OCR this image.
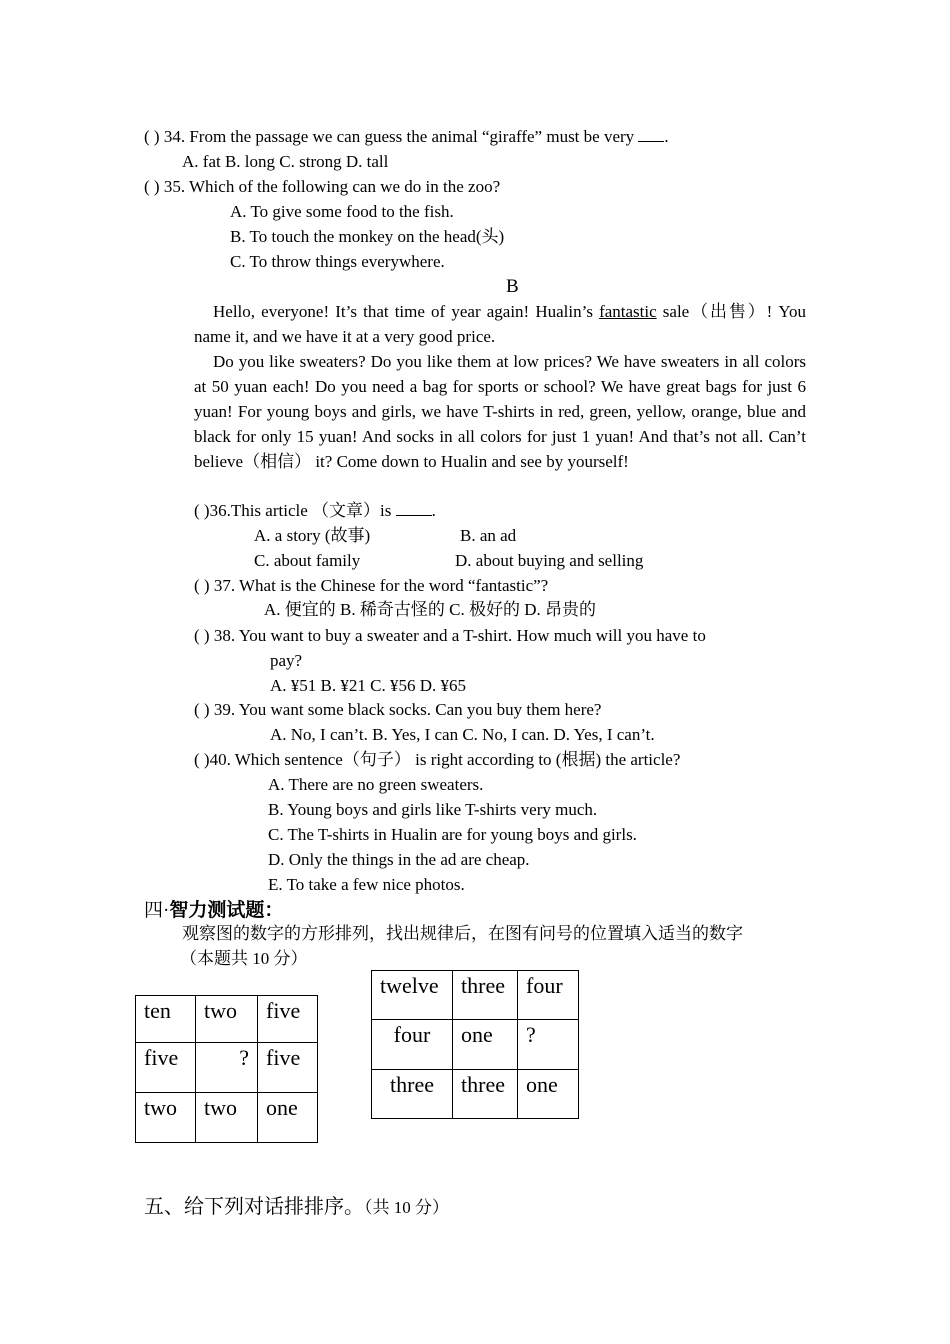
( ) 34. From the passage we can guess the animal “giraffe” must be very .
A. fat B. long C. strong D. tall
( ) 35. Which of the following can we do in the zoo?
A. To give some food to the fish.
B. To touch the monkey on the head(头)
C. To throw things everywhere.
B

Hello, everyone! It’s that time of year again! Hualin’s fantastic sale（出售）! You name it, and we have it at a very good price.

Do you like sweaters? Do you like them at low prices? We have sweaters in all colors at 50 yuan each! Do you need a bag for sports or school? We have great bags for just 6 yuan! For young boys and girls, we have T-shirts in red, green, yellow, orange, blue and black for only 15 yuan! And socks in all colors for just 1 yuan! And that’s not all. Can’t believe（相信） it? Come down to Hualin and see by yourself!

( )36.This article （文章）is .
A. a story (故事)	B. an ad
C. about family	D. about buying and selling
( ) 37. What is the Chinese for the word “fantastic”?
A. 便宜的 B. 稀奇古怪的 C. 极好的 D. 昂贵的
( ) 38. You want to buy a sweater and a T-shirt. How much will you have to
pay?
A. ¥51 B. ¥21 C. ¥56 D. ¥65
( ) 39. You want some black socks. Can you buy them here?
A. No, I can’t. B. Yes, I can C. No, I can. D. Yes, I can’t.
( )40. Which sentence（句子） is right according to (根据) the article?
A. There are no green sweaters.
B. Young boys and girls like T-shirts very much.
C. The T-shirts in Hualin are for young boys and girls.
D. Only the things in the ad are cheap.
E. To take a few nice photos.
四·智力测试题：
观察图的数字的方形排列，找出规律后，在图有问号的位置填入适当的数字
（本题共 10 分）
ten	two	five
five	?	five
two	two	one
twelve	three	four
four	one	?
three	three	one
五、给下列对话排排序。（共 10 分）
